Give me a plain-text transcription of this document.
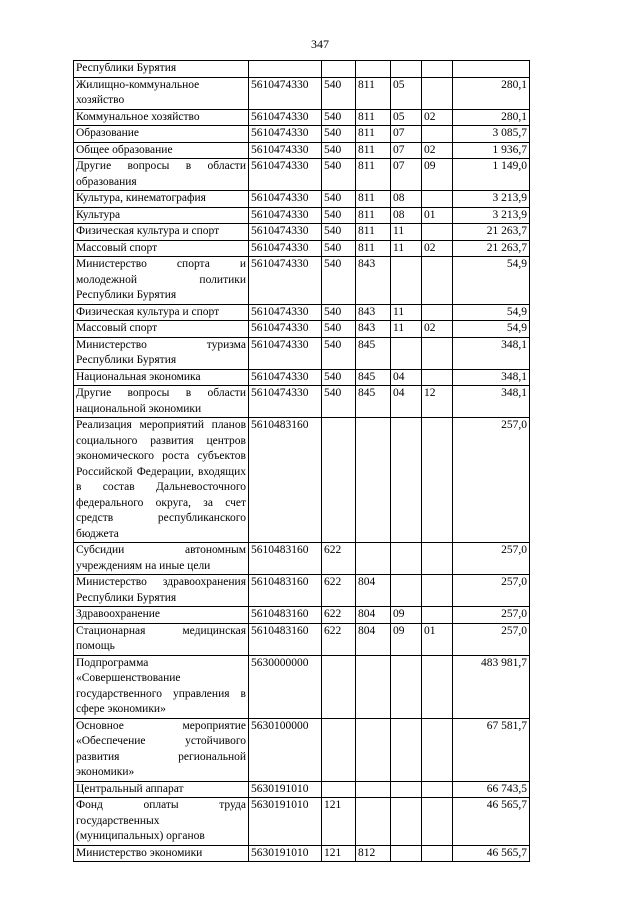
347
Республики Бурятия						
Жилищно-коммунальное хозяйство	5610474330	540	811	05		280,1
Коммунальное хозяйство	5610474330	540	811	05	02	280,1
Образование	5610474330	540	811	07		3 085,7
Общее образование	5610474330	540	811	07	02	1 936,7
Другие вопросы в области образования	5610474330	540	811	07	09	1 149,0
Культура, кинематография	5610474330	540	811	08		3 213,9
Культура	5610474330	540	811	08	01	3 213,9
Физическая культура и спорт	5610474330	540	811	11		21 263,7
Массовый спорт	5610474330	540	811	11	02	21 263,7
Министерство спорта и молодежной политики Республики Бурятия	5610474330	540	843			54,9
Физическая культура и спорт	5610474330	540	843	11		54,9
Массовый спорт	5610474330	540	843	11	02	54,9
Министерство туризма Республики Бурятия	5610474330	540	845			348,1
Национальная экономика	5610474330	540	845	04		348,1
Другие вопросы в области национальной экономики	5610474330	540	845	04	12	348,1
Реализация мероприятий планов социального развития центров экономического роста субъектов Российской Федерации, входящих в состав Дальневосточного федерального округа, за счет средств республиканского бюджета	5610483160					257,0
Субсидии автономным учреждениям на иные цели	5610483160	622				257,0
Министерство здравоохранения Республики Бурятия	5610483160	622	804			257,0
Здравоохранение	5610483160	622	804	09		257,0
Стационарная медицинская помощь	5610483160	622	804	09	01	257,0
Подпрограмма «Совершенствование государственного управления в сфере экономики»	5630000000					483 981,7
Основное мероприятие «Обеспечение устойчивого развития региональной экономики»	5630100000					67 581,7
Центральный аппарат	5630191010					66 743,5
Фонд оплаты труда государственных (муниципальных) органов	5630191010	121				46 565,7
Министерство экономики	5630191010	121	812			46 565,7
